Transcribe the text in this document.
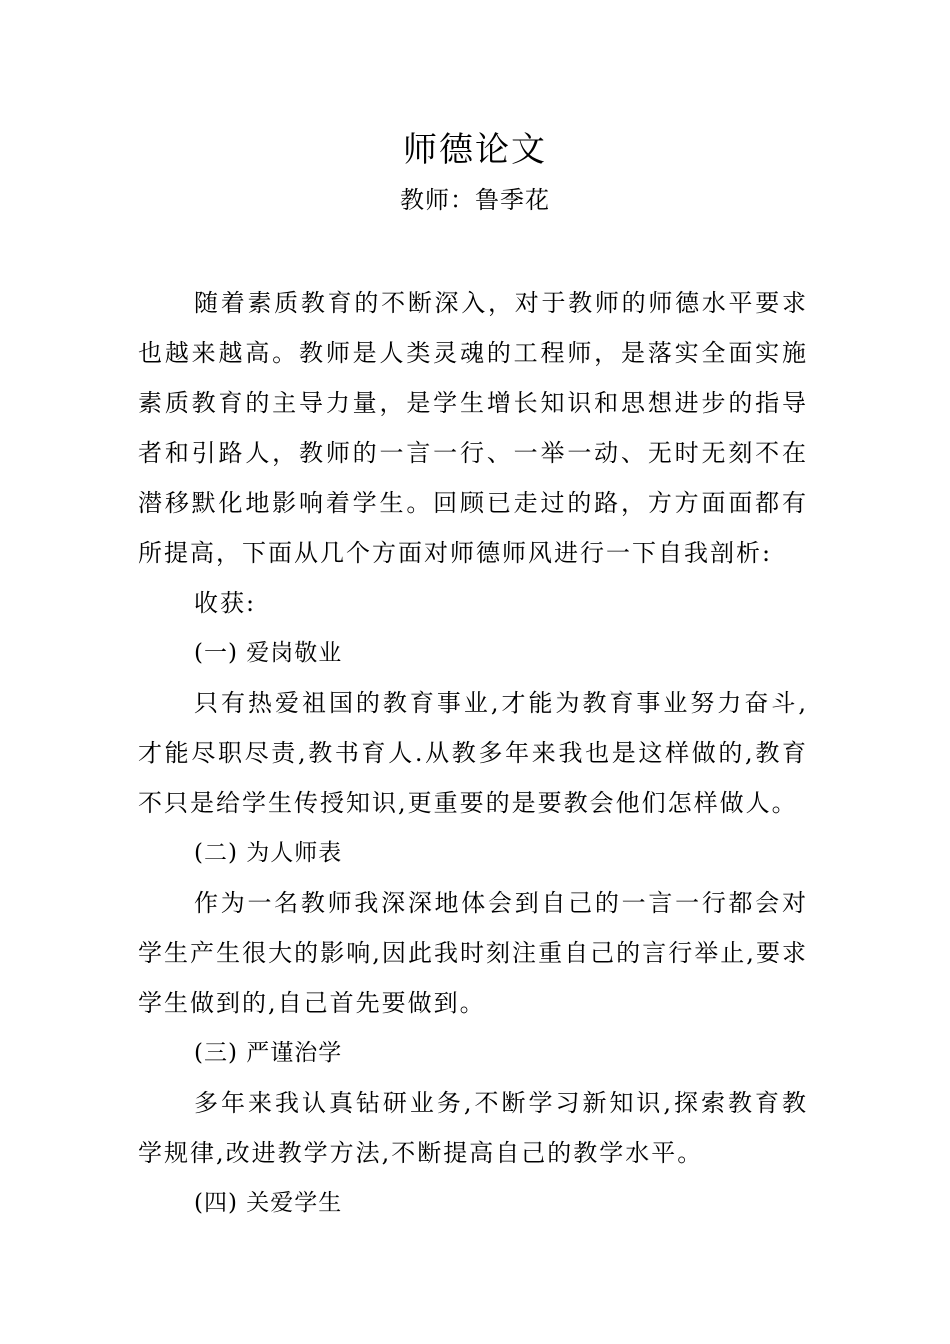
师德论文
教师：鲁季花

随着素质教育的不断深入，对于教师的师德水平要求也越来越高。教师是人类灵魂的工程师，是落实全面实施素质教育的主导力量，是学生增长知识和思想进步的指导者和引路人，教师的一言一行、一举一动、无时无刻不在潜移默化地影响着学生。回顾已走过的路，方方面面都有所提高，下面从几个方面对师德师风进行一下自我剖析:

收获:

(一) 爱岗敬业

只有热爱祖国的教育事业,才能为教育事业努力奋斗,才能尽职尽责,教书育人.从教多年来我也是这样做的,教育不只是给学生传授知识,更重要的是要教会他们怎样做人。

(二) 为人师表

作为一名教师我深深地体会到自己的一言一行都会对学生产生很大的影响,因此我时刻注重自己的言行举止,要求学生做到的,自己首先要做到。

(三) 严谨治学

多年来我认真钻研业务,不断学习新知识,探索教育教学规律,改进教学方法,不断提高自己的教学水平。

(四) 关爱学生
